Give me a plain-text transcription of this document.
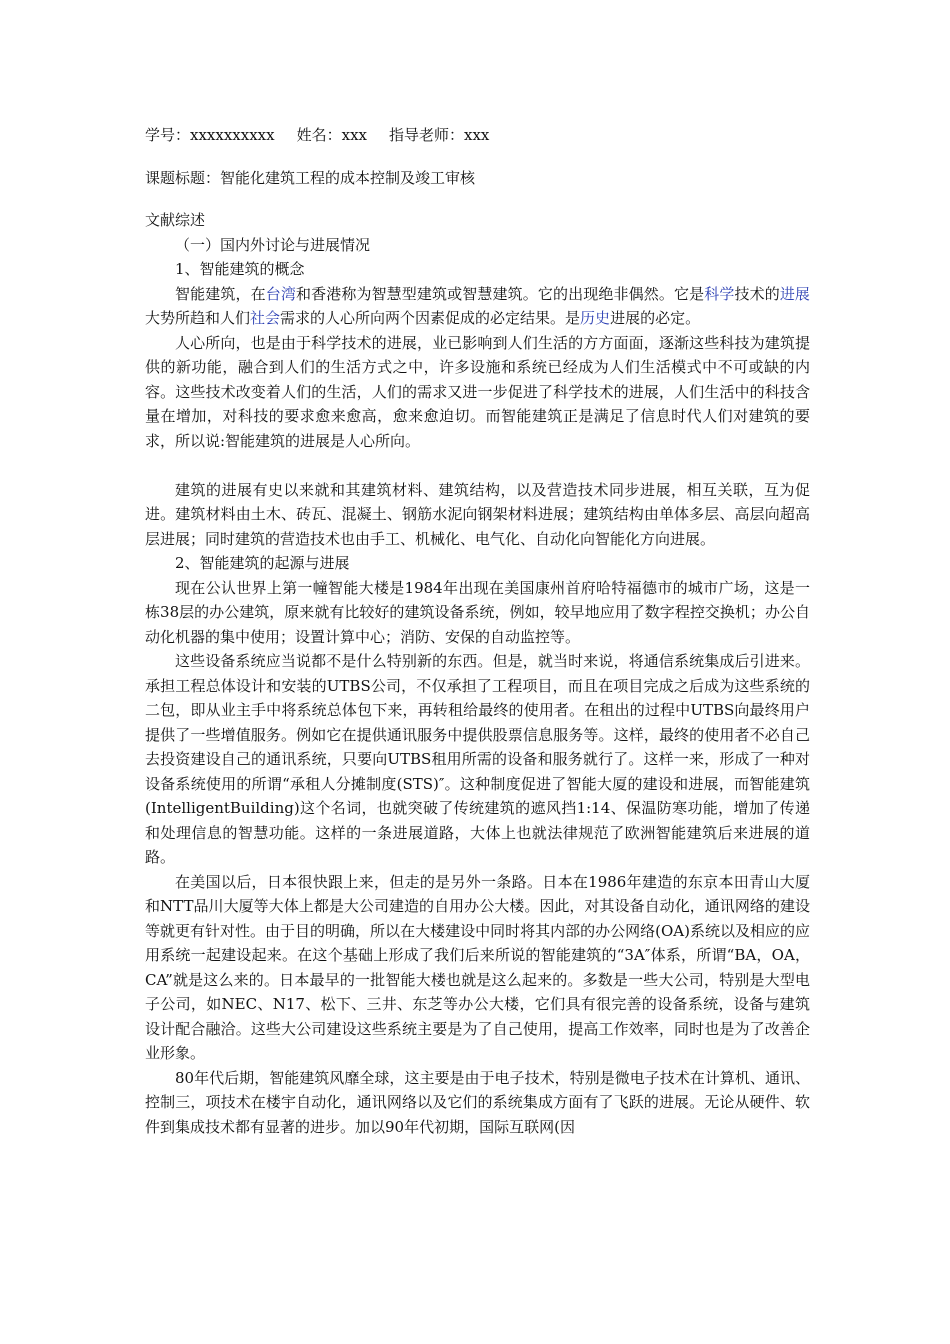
学号：xxxxxxxxxx 姓名：xxx 指导老师：xxx
课题标题：智能化建筑工程的成本控制及竣工审核
文献综述
（一）国内外讨论与进展情况
1、智能建筑的概念

智能建筑，在台湾和香港称为智慧型建筑或智慧建筑。它的出现绝非偶然。它是科学技术的进展大势所趋和人们社会需求的人心所向两个因素促成的必定结果。是历史进展的必定。

人心所向，也是由于科学技术的进展，业已影响到人们生活的方方面面，逐渐这些科技为建筑提供的新功能，融合到人们的生活方式之中，许多设施和系统已经成为人们生活模式中不可或缺的内容。这些技术改变着人们的生活，人们的需求又进一步促进了科学技术的进展，人们生活中的科技含量在增加，对科技的要求愈来愈高，愈来愈迫切。而智能建筑正是满足了信息时代人们对建筑的要求，所以说:智能建筑的进展是人心所向。

建筑的进展有史以来就和其建筑材料、建筑结构，以及营造技术同步进展，相互关联，互为促进。建筑材料由土木、砖瓦、混凝土、钢筋水泥向钢架材料进展；建筑结构由单体多层、高层向超高层进展；同时建筑的营造技术也由手工、机械化、电气化、自动化向智能化方向进展。

2、智能建筑的起源与进展

现在公认世界上第一幢智能大楼是1984年出现在美国康州首府哈特福德市的城市广场，这是一栋38层的办公建筑，原来就有比较好的建筑设备系统，例如，较早地应用了数字程控交换机；办公自动化机器的集中使用；设置计算中心；消防、安保的自动监控等。

这些设备系统应当说都不是什么特别新的东西。但是，就当时来说，将通信系统集成后引进来。承担工程总体设计和安装的UTBS公司，不仅承担了工程项目，而且在项目完成之后成为这些系统的二包，即从业主手中将系统总体包下来，再转租给最终的使用者。在租出的过程中UTBS向最终用户提供了一些增值服务。例如它在提供通讯服务中提供股票信息服务等。这样，最终的使用者不必自己去投资建设自己的通讯系统，只要向UTBS租用所需的设备和服务就行了。这样一来，形成了一种对设备系统使用的所谓“承租人分摊制度(STS)″。这种制度促进了智能大厦的建设和进展，而智能建筑(IntelligentBuilding)这个名词，也就突破了传统建筑的遮风挡1:14、保温防寒功能，增加了传递和处理信息的智慧功能。这样的一条进展道路，大体上也就法律规范了欧洲智能建筑后来进展的道路。

在美国以后，日本很快跟上来，但走的是另外一条路。日本在1986年建造的东京本田青山大厦和NTT品川大厦等大体上都是大公司建造的自用办公大楼。因此，对其设备自动化，通讯网络的建设等就更有针对性。由于目的明确，所以在大楼建设中同时将其内部的办公网络(OA)系统以及相应的应用系统一起建设起来。在这个基础上形成了我们后来所说的智能建筑的“3A″体系，所谓“BA，OA，CA”就是这么来的。日本最早的一批智能大楼也就是这么起来的。多数是一些大公司，特别是大型电子公司，如NEC、N17、松下、三井、东芝等办公大楼，它们具有很完善的设备系统，设备与建筑设计配合融洽。这些大公司建设这些系统主要是为了自己使用，提高工作效率，同时也是为了改善企业形象。

80年代后期，智能建筑风靡全球，这主要是由于电子技术，特别是微电子技术在计算机、通讯、控制三，项技术在楼宇自动化，通讯网络以及它们的系统集成方面有了飞跃的进展。无论从硬件、软件到集成技术都有显著的进步。加以90年代初期，国际互联网(因
